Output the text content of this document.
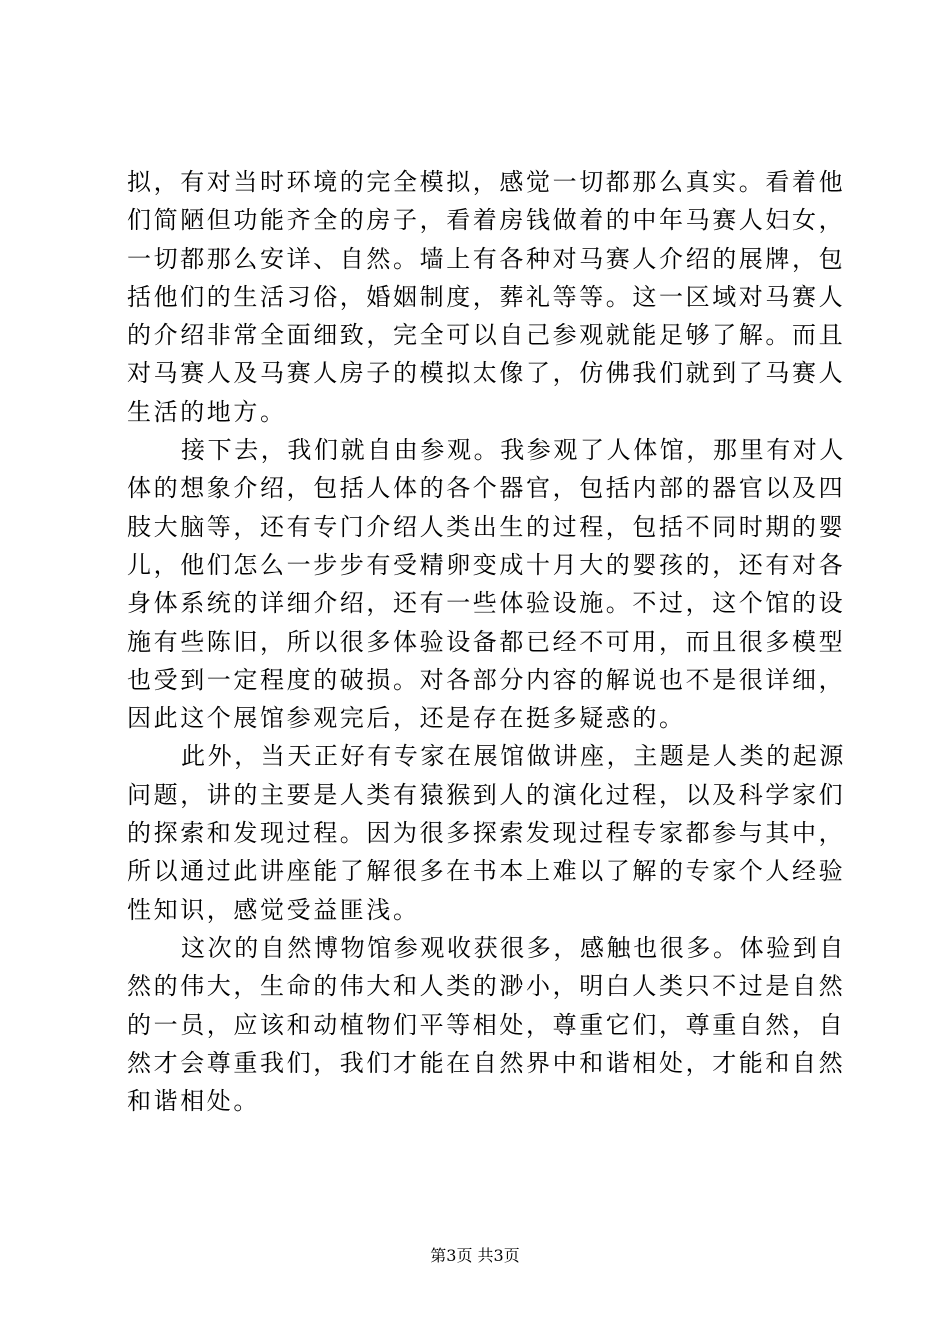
拟，有对当时环境的完全模拟，感觉一切都那么真实。看着他
们简陋但功能齐全的房子，看着房钱做着的中年马赛人妇女，
一切都那么安详、自然。墙上有各种对马赛人介绍的展牌，包
括他们的生活习俗，婚姻制度，葬礼等等。这一区域对马赛人
的介绍非常全面细致，完全可以自己参观就能足够了解。而且
对马赛人及马赛人房子的模拟太像了，仿佛我们就到了马赛人
生活的地方。
接下去，我们就自由参观。我参观了人体馆，那里有对人
体的想象介绍，包括人体的各个器官，包括内部的器官以及四
肢大脑等，还有专门介绍人类出生的过程，包括不同时期的婴
儿，他们怎么一步步有受精卵变成十月大的婴孩的，还有对各
身体系统的详细介绍，还有一些体验设施。不过，这个馆的设
施有些陈旧，所以很多体验设备都已经不可用，而且很多模型
也受到一定程度的破损。对各部分内容的解说也不是很详细，
因此这个展馆参观完后，还是存在挺多疑惑的。
此外，当天正好有专家在展馆做讲座，主题是人类的起源
问题，讲的主要是人类有猿猴到人的演化过程，以及科学家们
的探索和发现过程。因为很多探索发现过程专家都参与其中，
所以通过此讲座能了解很多在书本上难以了解的专家个人经验
性知识，感觉受益匪浅。
这次的自然博物馆参观收获很多，感触也很多。体验到自
然的伟大，生命的伟大和人类的渺小，明白人类只不过是自然
的一员，应该和动植物们平等相处，尊重它们，尊重自然，自
然才会尊重我们，我们才能在自然界中和谐相处，才能和自然
和谐相处。
第3页 共3页
